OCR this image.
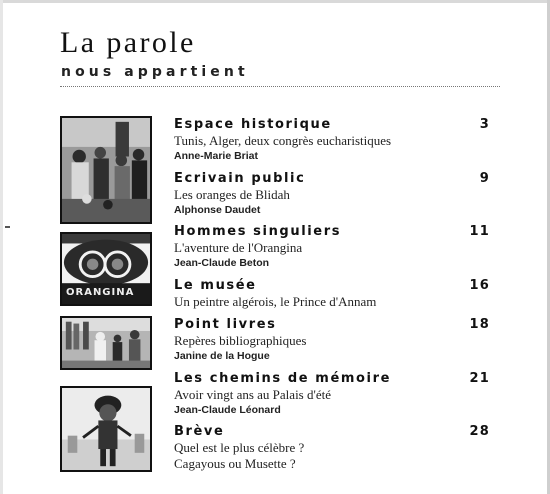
La parole
nous appartient
ORANGINA
Espace historique	3
Tunis, Alger, deux congrès eucharistiques
Anne-Marie Briat
Ecrivain public	9
Les oranges de Blidah
Alphonse Daudet
Hommes singuliers	11
L'aventure de l'Orangina
Jean-Claude Beton
Le musée	16
Un peintre algérois, le Prince d'Annam
Point livres	18
Repères bibliographiques
Janine de la Hogue
Les chemins de mémoire	21
Avoir vingt ans au Palais d'été
Jean-Claude Léonard
Brève	28
Quel est le plus célèbre ?
Cagayous ou Musette ?
